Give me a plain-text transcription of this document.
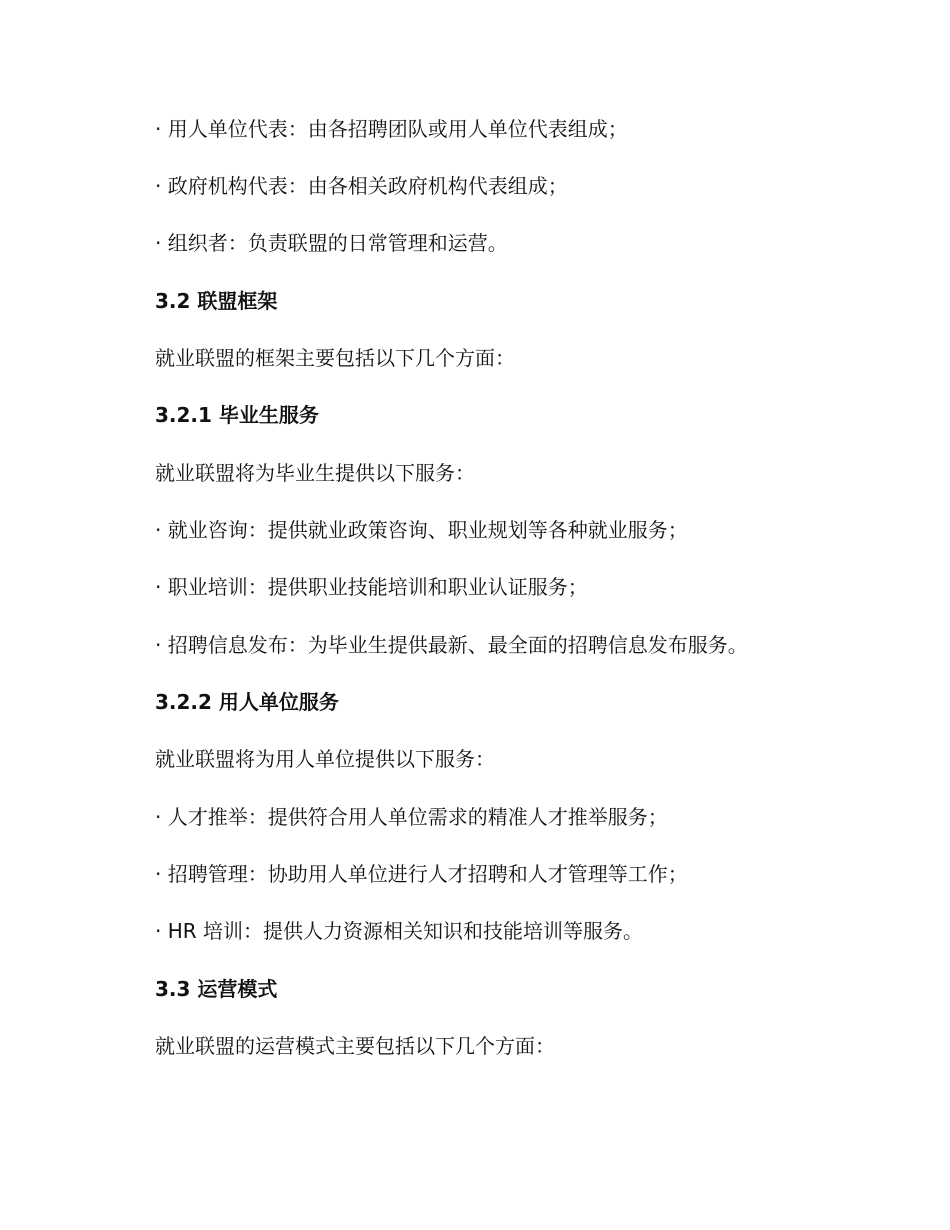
· 用人单位代表：由各招聘团队或用人单位代表组成；
· 政府机构代表：由各相关政府机构代表组成；
· 组织者：负责联盟的日常管理和运营。
3.2 联盟框架
就业联盟的框架主要包括以下几个方面：
3.2.1 毕业生服务
就业联盟将为毕业生提供以下服务：
· 就业咨询：提供就业政策咨询、职业规划等各种就业服务；
· 职业培训：提供职业技能培训和职业认证服务；
· 招聘信息发布：为毕业生提供最新、最全面的招聘信息发布服务。
3.2.2 用人单位服务
就业联盟将为用人单位提供以下服务：
· 人才推举：提供符合用人单位需求的精准人才推举服务；
· 招聘管理：协助用人单位进行人才招聘和人才管理等工作；
· HR 培训：提供人力资源相关知识和技能培训等服务。
3.3 运营模式
就业联盟的运营模式主要包括以下几个方面：
